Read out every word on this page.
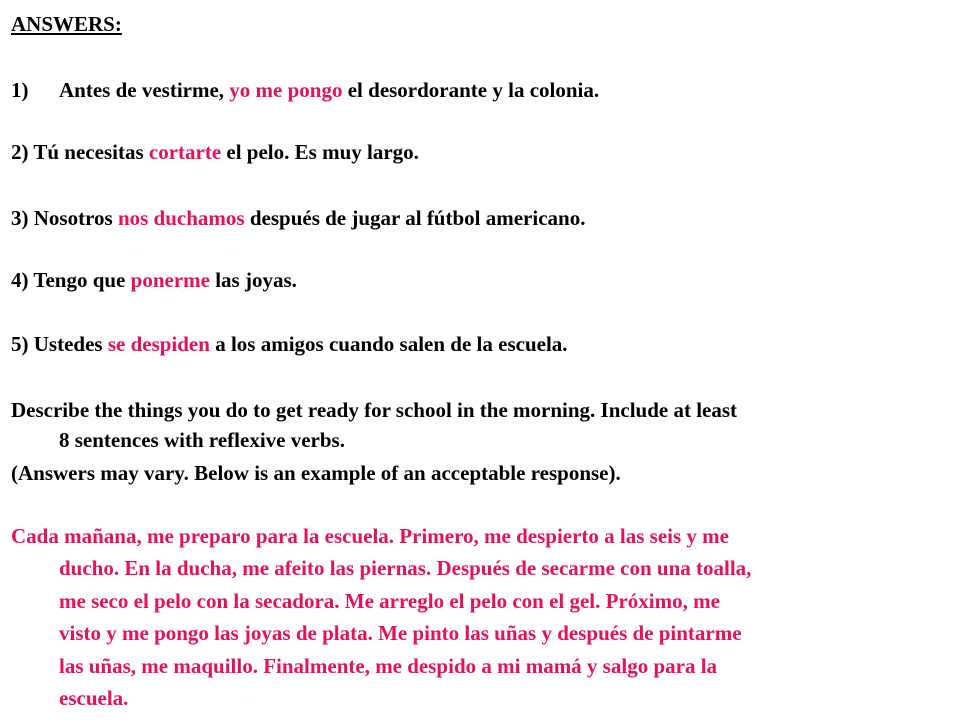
ANSWERS:
1) Antes de vestirme, yo me pongo el desordorante y la colonia.
2) Tú necesitas cortarte el pelo. Es muy largo.
3) Nosotros nos duchamos después de jugar al fútbol americano.
4) Tengo que ponerme las joyas.
5) Ustedes se despiden a los amigos cuando salen de la escuela.
Describe the things you do to get ready for school in the morning. Include at least
8 sentences with reflexive verbs.
(Answers may vary. Below is an example of an acceptable response).
Cada mañana, me preparo para la escuela. Primero, me despierto a las seis y me
ducho. En la ducha, me afeito las piernas. Después de secarme con una toalla,
me seco el pelo con la secadora. Me arreglo el pelo con el gel. Próximo, me
visto y me pongo las joyas de plata. Me pinto las uñas y después de pintarme
las uñas, me maquillo. Finalmente, me despido a mi mamá y salgo para la
escuela.
